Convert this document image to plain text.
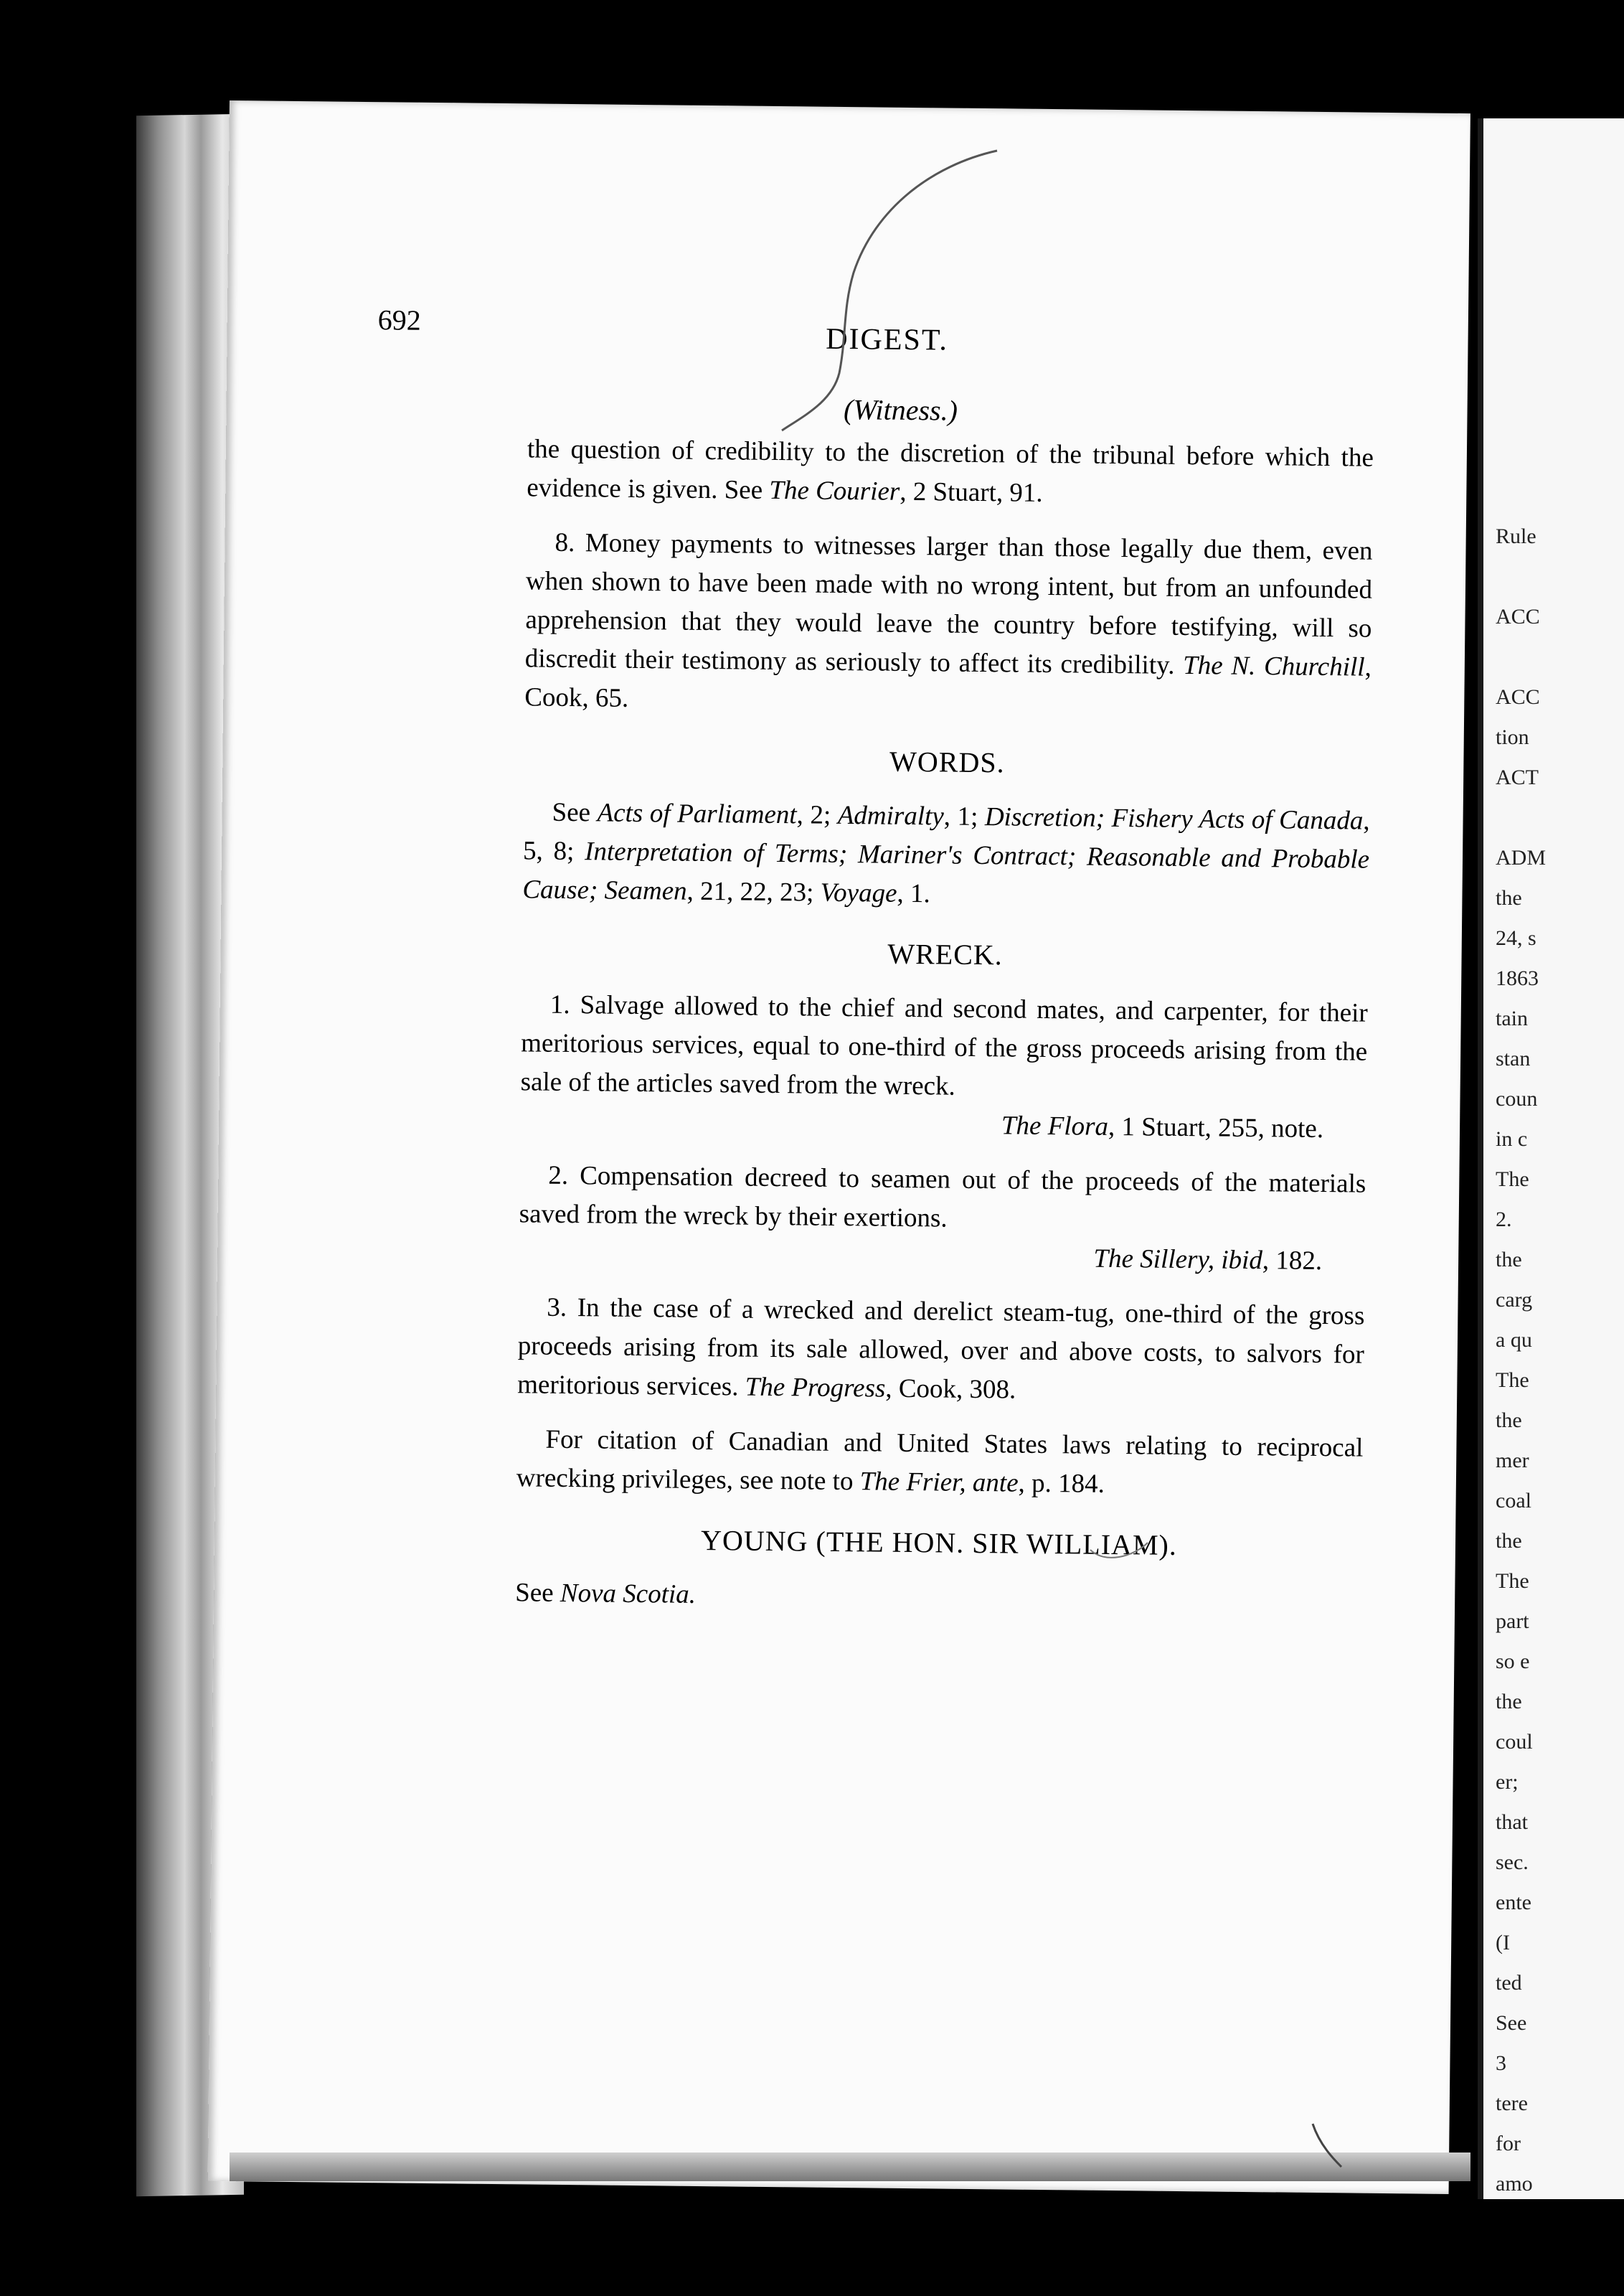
692
DIGEST.
(Witness.)

the question of credibility to the discretion of the tribunal before which the evidence is given. See The Courier, 2 Stuart, 91.

8. Money payments to witnesses larger than those legally due them, even when shown to have been made with no wrong intent, but from an unfounded apprehension that they would leave the country before testifying, will so discredit their testimony as seriously to affect its credibility. The N. Churchill, Cook, 65.

WORDS.

See Acts of Parliament, 2; Admiralty, 1; Discretion; Fishery Acts of Canada, 5, 8; Interpretation of Terms; Mariner's Contract; Reasonable and Probable Cause; Seamen, 21, 22, 23; Voyage, 1.

WRECK.

1. Salvage allowed to the chief and second mates, and carpenter, for their meritorious services, equal to one-third of the gross proceeds arising from the sale of the articles saved from the wreck.
The Flora, 1 Stuart, 255, note.

2. Compensation decreed to seamen out of the proceeds of the materials saved from the wreck by their exertions.
The Sillery, ibid, 182.

3. In the case of a wrecked and derelict steam-tug, one-third of the gross proceeds arising from its sale allowed, over and above costs, to salvors for meritorious services. The Progress, Cook, 308.

For citation of Canadian and United States laws relating to reciprocal wrecking privileges, see note to The Frier, ante, p. 184.

YOUNG (THE HON. SIR WILLIAM).

See Nova Scotia.

Rule

ACC

ACC
tion
ACT

ADM
the
24, s
1863
tain
stan
coun
in c
The
2.
the
carg
a qu
The
the
mer
coal
the
The
part
so e
the
coul
er;
that
sec.
ente
(I
ted
See
3
tere
for
amo
